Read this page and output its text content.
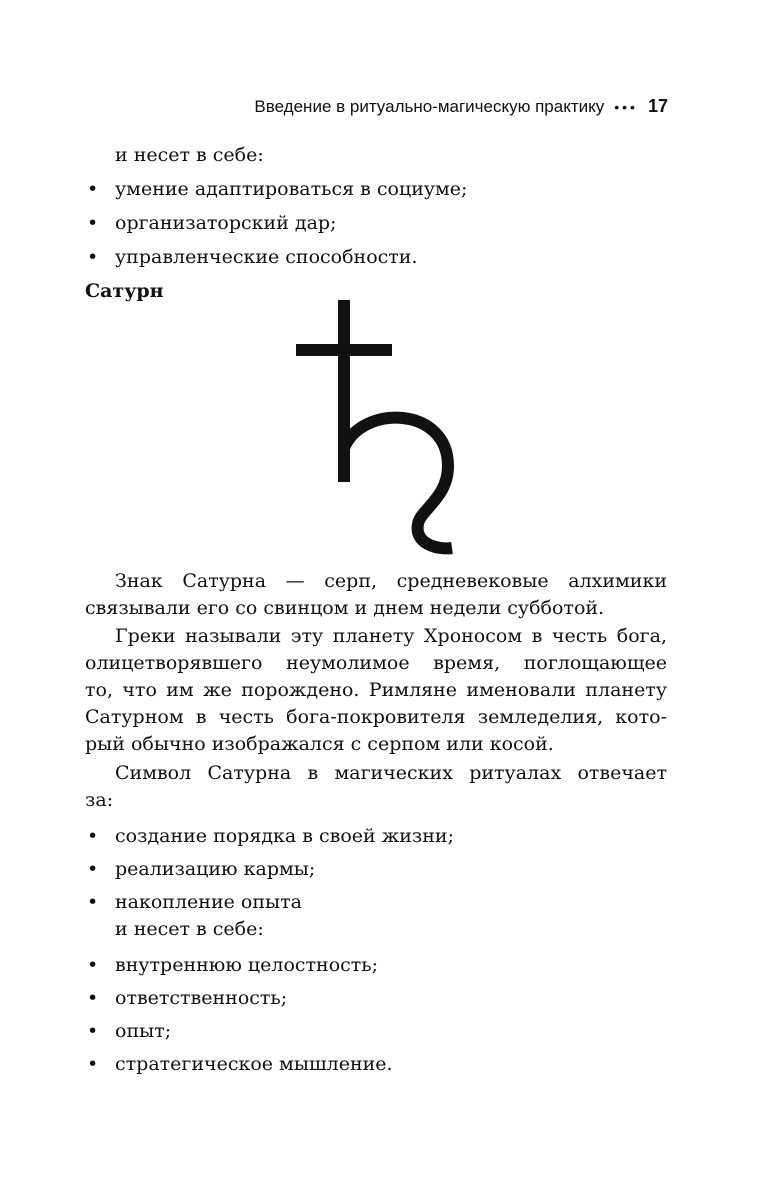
Введение в ритуально-магическую практику ••• 17
и несет в себе:
• умение адаптироваться в социуме;
• организаторский дар;
• управленческие способности.
Сатурн
Знак Сатурна — серп, средневековые алхимики
связывали его со свинцом и днем недели субботой.
Греки называли эту планету Хроносом в честь бога,
олицетворявшего неумолимое время, поглощающее
то, что им же порождено. Римляне именовали планету
Сатурном в честь бога-покровителя земледелия, кото-
рый обычно изображался с серпом или косой.
Символ Сатурна в магических ритуалах отвечает
за:
• создание порядка в своей жизни;
• реализацию кармы;
• накопление опыта
и несет в себе:
• внутреннюю целостность;
• ответственность;
• опыт;
• стратегическое мышление.
